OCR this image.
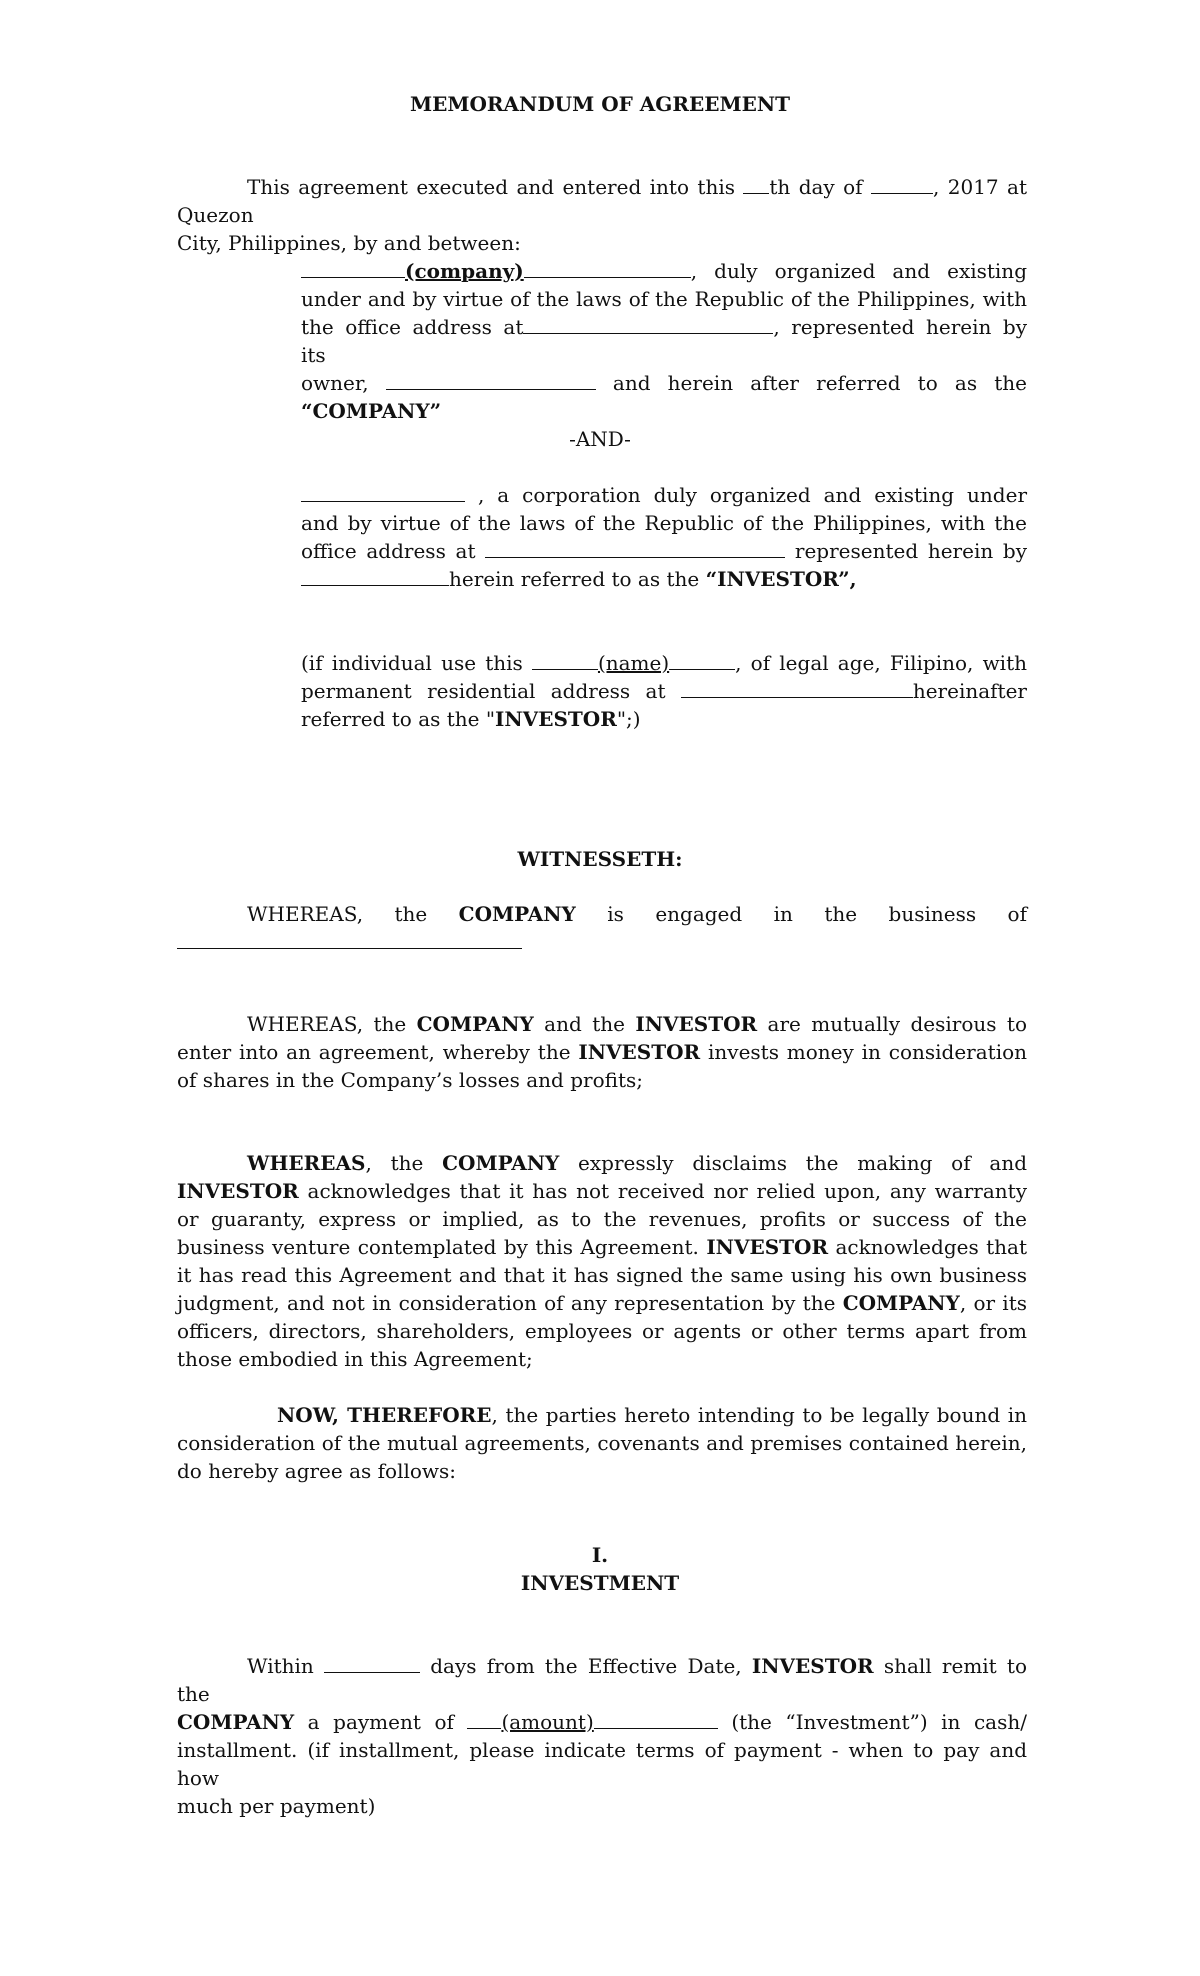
MEMORANDUM OF AGREEMENT
This agreement executed and entered into this th day of	, 2017 at Quezon
City, Philippines, by and between:
(company)	, duly organized and existing
under and by virtue of the laws of the Republic of the Philippines, with
the office address at	, represented herein by its
owner,	and herein after referred to as the
“COMPANY”
-AND-
, a corporation duly organized and existing under
and by virtue of the laws of the Republic of the Philippines, with the
office address at	represented herein by
herein referred to as the “INVESTOR”,
(if individual use this	(name)	, of legal age, Filipino, with
permanent residential address at	hereinafter
referred to as the "INVESTOR";)
WITNESSETH:
WHEREAS, the COMPANY is engaged in the business of
WHEREAS, the COMPANY and the INVESTOR are mutually desirous to enter into an agreement, whereby the INVESTOR invests money in consideration of shares in the Company’s losses and profits;
WHEREAS, the COMPANY expressly disclaims the making of and INVESTOR acknowledges that it has not received nor relied upon, any warranty or guaranty, express or implied, as to the revenues, profits or success of the business venture contemplated by this Agreement. INVESTOR acknowledges that it has read this Agreement and that it has signed the same using his own business judgment, and not in consideration of any representation by the COMPANY, or its officers, directors, shareholders, employees or agents or other terms apart from those embodied in this Agreement;
NOW, THEREFORE, the parties hereto intending to be legally bound in consideration of the mutual agreements, covenants and premises contained herein, do hereby agree as follows:
I.
INVESTMENT
Within	days from the Effective Date, INVESTOR shall remit to the
COMPANY a payment of (amount)	(the “Investment”) in cash/
installment. (if installment, please indicate terms of payment - when to pay and how
much per payment)
